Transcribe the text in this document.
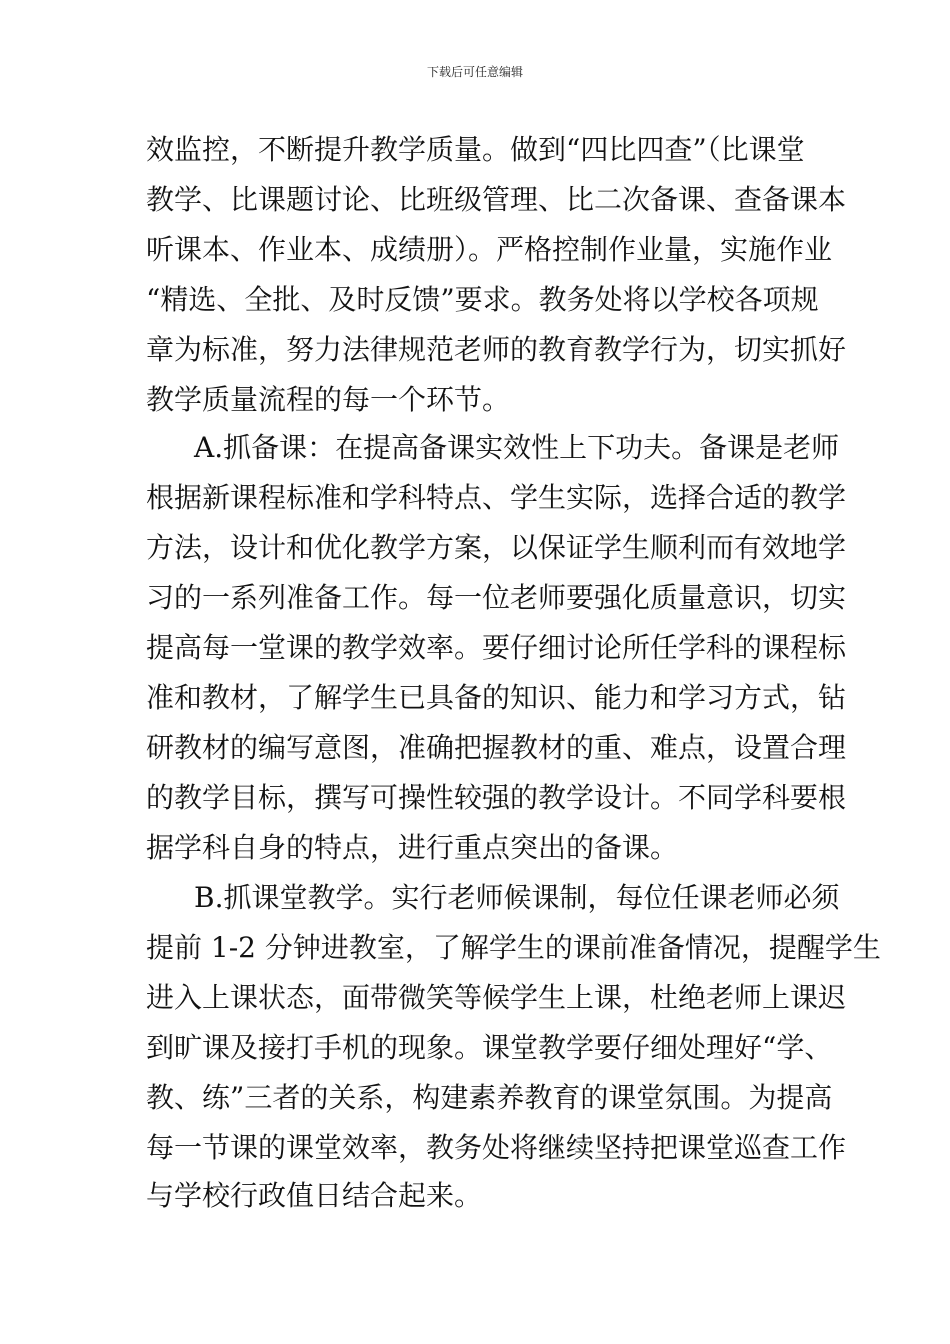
下载后可任意编辑
效监控，不断提升教学质量。做到“四比四查”（比课堂
教学、比课题讨论、比班级管理、比二次备课、查备课本
听课本、作业本、成绩册）。严格控制作业量，实施作业
“精选、全批、及时反馈”要求。教务处将以学校各项规
章为标准，努力法律规范老师的教育教学行为，切实抓好
教学质量流程的每一个环节。
A.抓备课：在提高备课实效性上下功夫。备课是老师
根据新课程标准和学科特点、学生实际，选择合适的教学
方法，设计和优化教学方案，以保证学生顺利而有效地学
习的一系列准备工作。每一位老师要强化质量意识，切实
提高每一堂课的教学效率。要仔细讨论所任学科的课程标
准和教材，了解学生已具备的知识、能力和学习方式，钻
研教材的编写意图，准确把握教材的重、难点，设置合理
的教学目标，撰写可操性较强的教学设计。不同学科要根
据学科自身的特点，进行重点突出的备课。
B.抓课堂教学。实行老师候课制，每位任课老师必须
提前 1-2 分钟进教室，了解学生的课前准备情况，提醒学生
进入上课状态，面带微笑等候学生上课，杜绝老师上课迟
到旷课及接打手机的现象。课堂教学要仔细处理好“学、
教、练”三者的关系，构建素养教育的课堂氛围。为提高
每一节课的课堂效率，教务处将继续坚持把课堂巡查工作
与学校行政值日结合起来。
